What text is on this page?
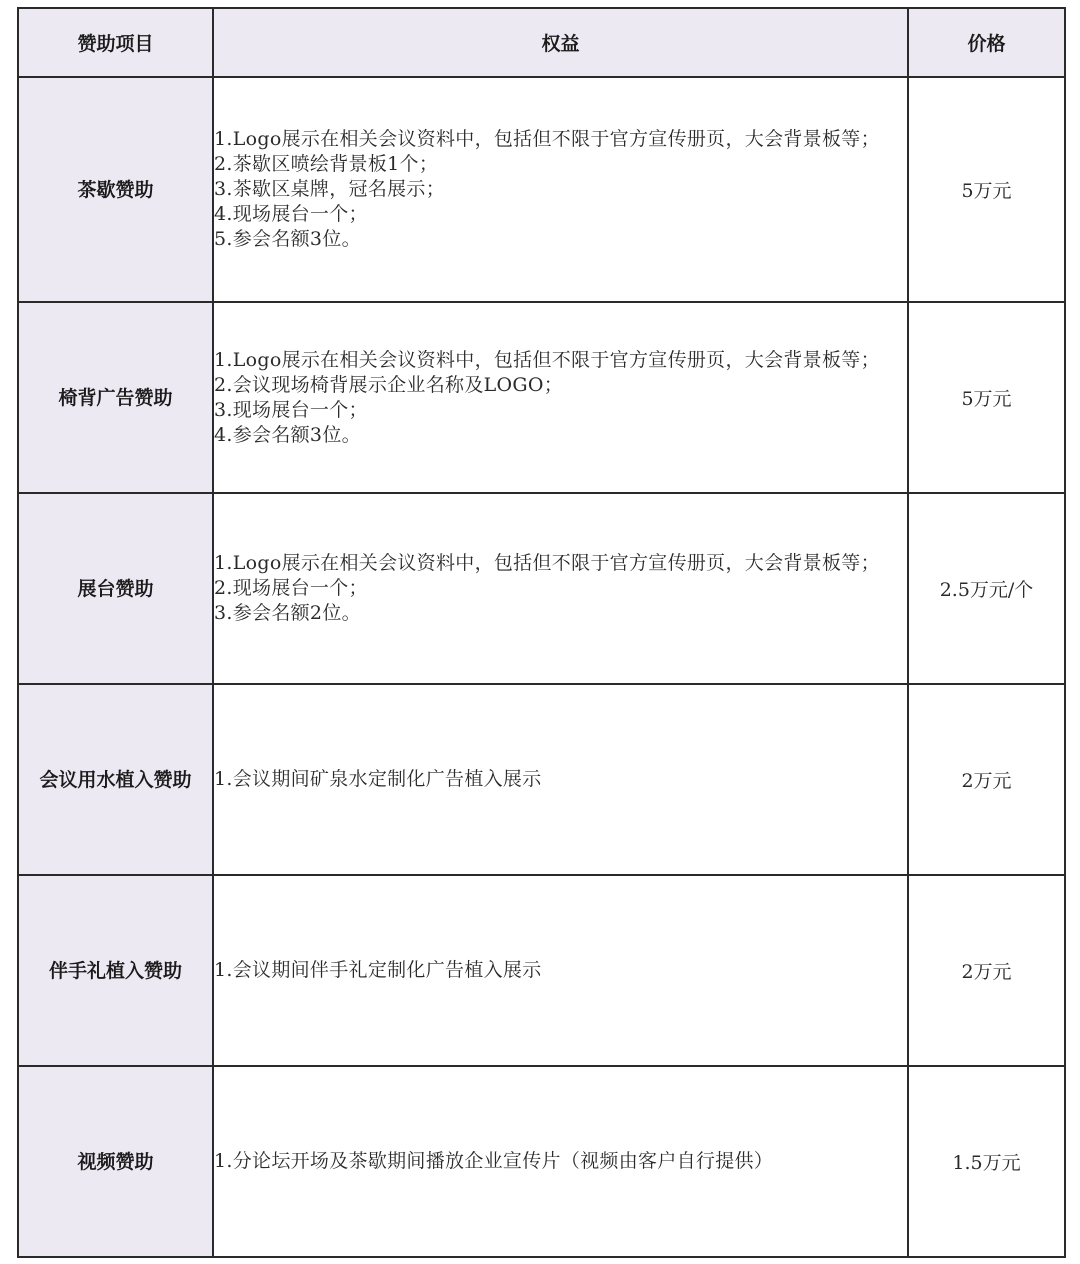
赞助项目	权益	价格
茶歇赞助	1.Logo展示在相关会议资料中，包括但不限于官方宣传册页，大会背景板等；
2.茶歇区喷绘背景板1个；
3.茶歇区桌牌，冠名展示；
4.现场展台一个；
5.参会名额3位。	5万元
椅背广告赞助	1.Logo展示在相关会议资料中，包括但不限于官方宣传册页，大会背景板等；
2.会议现场椅背展示企业名称及LOGO；
3.现场展台一个；
4.参会名额3位。	5万元
展台赞助	1.Logo展示在相关会议资料中，包括但不限于官方宣传册页，大会背景板等；
2.现场展台一个；
3.参会名额2位。	2.5万元/个
会议用水植入赞助	1.会议期间矿泉水定制化广告植入展示	2万元
伴手礼植入赞助	1.会议期间伴手礼定制化广告植入展示	2万元
视频赞助	1.分论坛开场及茶歇期间播放企业宣传片（视频由客户自行提供）	1.5万元
